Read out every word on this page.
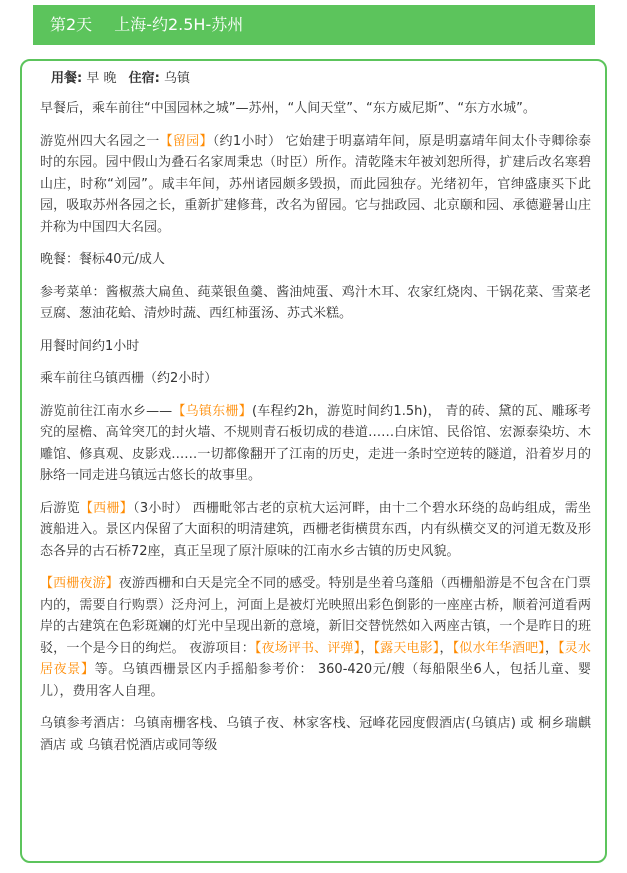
第2天 上海-约2.5H-苏州
用餐: 早 晚 住宿: 乌镇

早餐后，乘车前往“中国园林之城”—苏州，“人间天堂”、“东方威尼斯”、“东方水城”。

游览州四大名园之一【留园】（约1小时） 它始建于明嘉靖年间，原是明嘉靖年间太仆寺卿徐泰时的东园。园中假山为叠石名家周秉忠（时臣）所作。清乾隆末年被刘恕所得，扩建后改名寒碧山庄，时称“刘园”。咸丰年间，苏州诸园颇多毁损，而此园独存。光绪初年，官绅盛康买下此园，吸取苏州各园之长，重新扩建修葺，改名为留园。它与拙政园、北京颐和园、承德避暑山庄并称为中国四大名园。

晚餐：餐标40元/成人

参考菜单：酱椒蒸大扁鱼、莼菜银鱼羹、酱油炖蛋、鸡汁木耳、农家红烧肉、干锅花菜、雪菜老豆腐、葱油花蛤、清炒时蔬、西红柿蛋汤、苏式米糕。

用餐时间约1小时

乘车前往乌镇西栅（约2小时）

游览前往江南水乡——【乌镇东栅】(车程约2h，游览时间约1.5h)， 青的砖、黛的瓦、雕琢考究的屋檐、高耸突兀的封火墙、不规则青石板切成的巷道……白床馆、民俗馆、宏源泰染坊、木雕馆、修真观、皮影戏……一切都像翻开了江南的历史，走进一条时空逆转的隧道，沿着岁月的脉络一同走进乌镇远古悠长的故事里。

后游览【西栅】（3小时） 西栅毗邻古老的京杭大运河畔，由十二个碧水环绕的岛屿组成，需坐渡船进入。景区内保留了大面积的明清建筑，西栅老街横贯东西，内有纵横交叉的河道无数及形态各异的古石桥72座，真正呈现了原汁原味的江南水乡古镇的历史风貌。

【西栅夜游】夜游西栅和白天是完全不同的感受。特别是坐着乌蓬船（西栅船游是不包含在门票内的，需要自行购票）泛舟河上，河面上是被灯光映照出彩色倒影的一座座古桥，顺着河道看两岸的古建筑在色彩斑斓的灯光中呈现出新的意境，新旧交替恍然如入两座古镇，一个是昨日的班驳，一个是今日的绚烂。 夜游项目：【夜场评书、评弹】，【露天电影】，【似水年华酒吧】，【灵水居夜景】等。乌镇西栅景区内手摇船参考价： 360-420元/艘（每船限坐6人，包括儿童、婴儿），费用客人自理。

乌镇参考酒店：乌镇南栅客栈、乌镇子夜、林家客栈、冠峰花园度假酒店(乌镇店) 或 桐乡瑞麒酒店 或 乌镇君悦酒店或同等级
